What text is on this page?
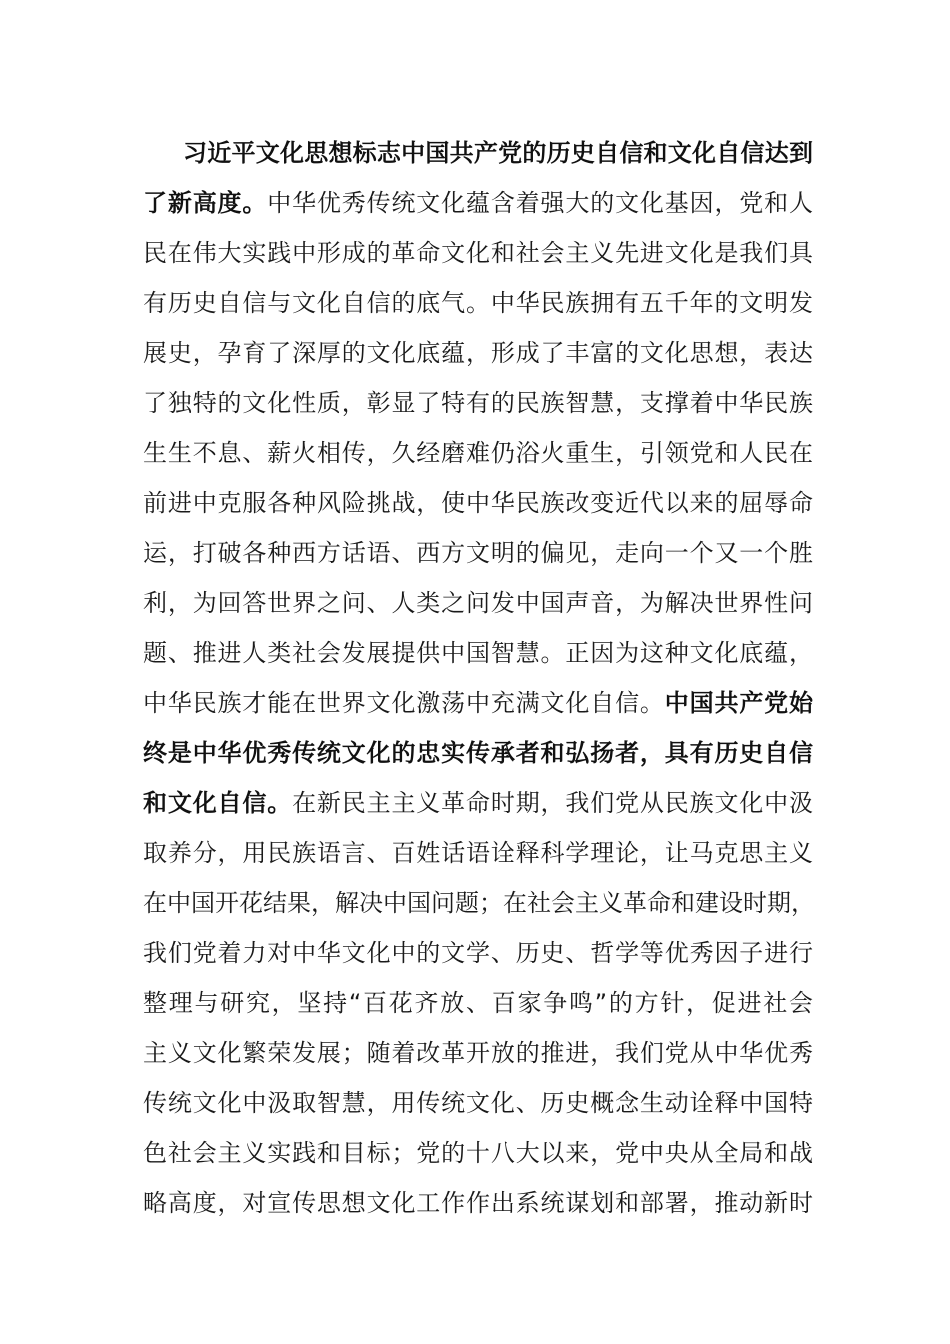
习近平文化思想标志中国共产党的历史自信和文化自信达到
了新高度。中华优秀传统文化蕴含着强大的文化基因，党和人
民在伟大实践中形成的革命文化和社会主义先进文化是我们具
有历史自信与文化自信的底气。中华民族拥有五千年的文明发
展史，孕育了深厚的文化底蕴，形成了丰富的文化思想，表达
了独特的文化性质，彰显了特有的民族智慧，支撑着中华民族
生生不息、薪火相传，久经磨难仍浴火重生，引领党和人民在
前进中克服各种风险挑战，使中华民族改变近代以来的屈辱命
运，打破各种西方话语、西方文明的偏见，走向一个又一个胜
利，为回答世界之问、人类之问发中国声音，为解决世界性问
题、推进人类社会发展提供中国智慧。正因为这种文化底蕴，
中华民族才能在世界文化激荡中充满文化自信。中国共产党始
终是中华优秀传统文化的忠实传承者和弘扬者，具有历史自信
和文化自信。在新民主主义革命时期，我们党从民族文化中汲
取养分，用民族语言、百姓话语诠释科学理论，让马克思主义
在中国开花结果，解决中国问题；在社会主义革命和建设时期，
我们党着力对中华文化中的文学、历史、哲学等优秀因子进行
整理与研究，坚持“百花齐放、百家争鸣”的方针，促进社会
主义文化繁荣发展；随着改革开放的推进，我们党从中华优秀
传统文化中汲取智慧，用传统文化、历史概念生动诠释中国特
色社会主义实践和目标；党的十八大以来，党中央从全局和战
略高度，对宣传思想文化工作作出系统谋划和部署，推动新时
